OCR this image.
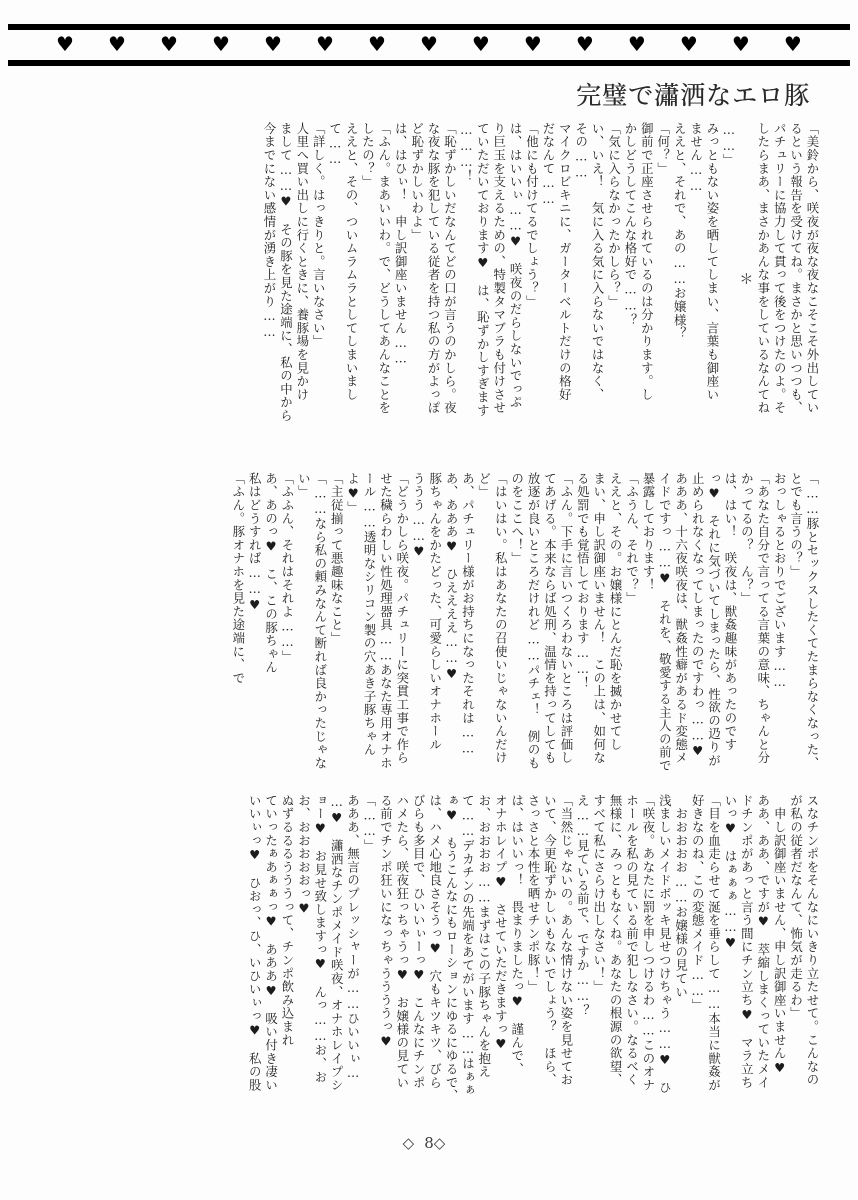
♥ ♥ ♥ ♥ ♥ ♥ ♥ ♥ ♥ ♥ ♥ ♥ ♥ ♥ ♥
完璧で瀟洒なエロ豚
「美鈴から、咲夜が夜な夜なこそこそ外出してい
るという報告を受けてね。まさかと思いつつも、
パチュリーに協力して貫って後をつけたのよ。そ
したらまあ、まさかあんな事をしているなんてね
＊
……」
みっともない姿を晒してしまい、言葉も御座い
ません……
ええと、それで、あの……お嬢様？
「何？」
御前で正座させられているのは分かります。し
かしどうしてこんな格好で……？
「気に入らなかったかしら？」
い、いえ！　気に入る気に入らないではなく、
その……
マイクロビキニに、ガーターベルトだけの格好
だなんて……
「他にも付けてるでしょう？」
は、はいいぃ……♥　咲夜のだらしないでっぷ
り巨玉を支えるための、特製タマブラも付けさせ
ていただいております♥　は、恥ずかしすぎます
………！
「恥ずかしいだなんてどの口が言うのかしら。夜
な夜な豚を犯している従者を持つ私の方がよっぽ
ど恥ずかしいわよ」
は、はひぃ！　申し訳御座いません……
「ふん。まあいいわ。で、どうしてあんなことを
したの？」
ええと、その、ついムラムラとしてしまいまし
て……
「詳しく。はっきりと。言いなさい」
人里へ買い出しに行くときに、養豚場を見かけ
まして……♥　その豚を見た途端に、私の中から
今までにない感情が湧き上がり……
「……豚とセックスしたくてたまらなくなった、
とでも言うの？」
おっしゃるとおりでございます……
「あなた自分で言ってる言葉の意味、ちゃんと分
かってるの？　ん？」
は、はい！　咲夜は、獣姦趣味があったのです
っ♥　それに気づいてしまったら、性欲の辸りが
止められなくなってしまったのですわっ……♥
あああ、十六夜咲夜は、獣姦性癖があるド変態メ
イドですっ……♥　それを、敬愛する主人の前で
暴露しております！
「ふうん、それで？」
ええと、その。お嬢様にとんだ恥を揻かせてし
まい、申し訳御座いません！　この上は、如何な
る処罰でも覚悟しております……！
「ふん。下手に言いつくろわないところは評価し
てあげる。本来ならば処刑、温情を持ってしても
放逐が良いところだけれど……パチェ！　例のも
のをここへ！」
「はいはい。私はあなたの召使いじゃないんだけ
ど」
あ、パチュリー様がお持ちになったそれは……
あ、あああ♥　ひええええ……♥
豚ちゃんをかたどった、可愛らしいオナホール
ううう……♥
「どうかしら咲夜。パチュリーに突貫工事で作ら
せた穢らわしい性処理器具……あなた専用オナホ
ール……透明なシリコン製の穴あき子豚ちゃん
よ♥」
「主従揃って悪趣味なこと」
「……なら私の頼みなんて断れば良かったじゃな
い」
「ふふん、それはそれよ……」
あ、あのっ♥　こ、この豚ちゃん
私はどうすれば……♥
「ふん。豚オナホを見た途端に、で
スなチンポをそんなにいきり立たせて。こんなの
が私の従者だなんて、怖気が走るわ」
　申し訳御座いません、申し訳御座いません♥
ああ、ああ、ですが♥　萃縮しまくっていたメイ
ドチンポがあっと言う間にチン立ち♥　マラ立ち
いっ♥　はぁぁぁ……♥
「目を血走らせて涎を垂らして……本当に獣姦が
好きなのね、この変態メイド……」
　おおおおお……お嬢様の見てい
浅ましいメイドボッキ見せつけちゃう……♥　ひ
「咲夜。あなたに罰を申しつけるわ……このオナ
ホールを私の見ている前で犯しなさい。なるべく
無様に、みっともなくね。あなたの根源の欲望、
すべて私にさらけ出しなさい！」
え……見ている前で、ですか……？
「当然じゃないの。あんな情けない姿を見せてお
いて、今更恥ずかしいもないでしょう？　ほら、
さっさと本性を晒せチンポ豚！」
は、はいいっ！　畏まりましたっ♥　謹んで、
オナホレイプ♥　させていただきますっ♥
お、おおおお……まずはこの子豚ちゃんを抱え
て……デカチンの先端をあてがいます……はぁぁ
ぁ♥　もうこんなにもローションにゆるにゆるで、
は、ハメ心地良さそうっ♥　穴もキツキツ、びら
びらも多目で、ひいいぃーっ♥　こんなにチンポ
ハメたら、咲夜狂っちゃうっ♥　お嬢様の見てい
る前でチンポ狂いになっちゃううううっ♥
「……」
あああ、無言のプレッシャーが……ひいいぃ…
…♥　瀟洒なチンポメイド咲夜、オナホレイプシ
ョー♥　お見せ致しますっ♥　んっ……お、お
お、おおおおおっ♥
ぬずるるるうううって、チンポ飲み込まれ
ていったぁあぁぁっ♥　あああ♥　吸い付き凄い
いいぃっ♥　ひおっ、ひ、いひいぃっ♥　私の股
◇8◇
